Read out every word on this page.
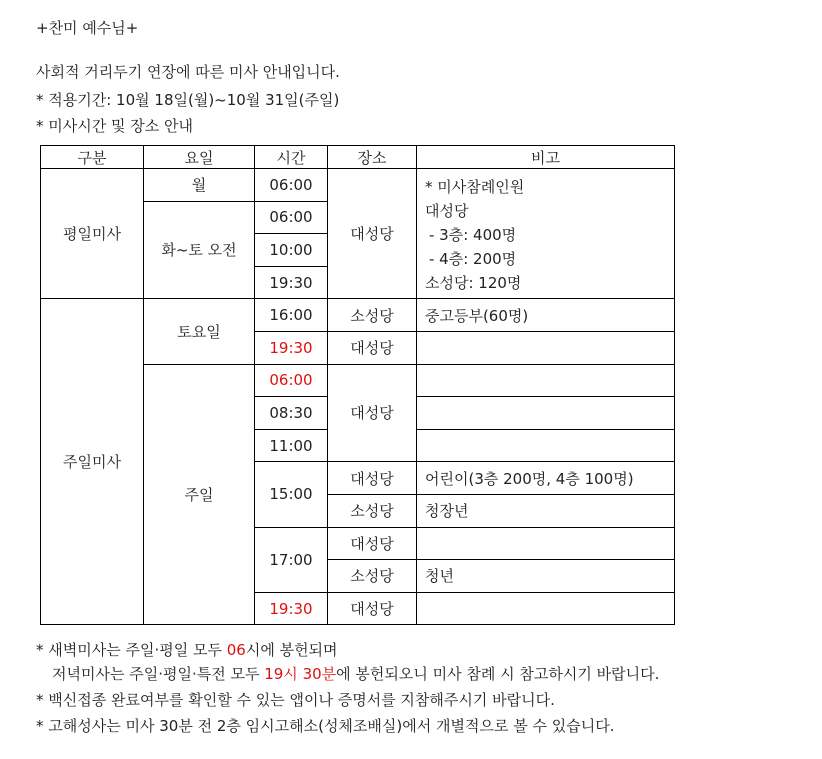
+찬미 예수님+
사회적 거리두기 연장에 따른 미사 안내입니다.
* 적용기간: 10월 18일(월)~10월 31일(주일)
* 미사시간 및 장소 안내
구분	요일	시간	장소	비고
평일미사	월	06:00	대성당	* 미사참례인원
대성당
- 3층: 400명
- 4층: 200명
소성당: 120명

	화~토 오전	06:00		
		10:00		
		19:30		
주일미사	토요일	16:00	소성당	중고등부(60명)
		19:30	대성당	
	주일	06:00	대성당	
		08:30		
		11:00		
		15:00	대성당	어린이(3층 200명, 4층 100명)
			소성당	청장년
		17:00	대성당	
			소성당	청년
		19:30	대성당	
* 새벽미사는 주일·평일 모두 06시에 봉헌되며
저녁미사는 주일·평일·특전 모두 19시 30분에 봉헌되오니 미사 참례 시 참고하시기 바랍니다.
* 백신접종 완료여부를 확인할 수 있는 앱이나 증명서를 지참해주시기 바랍니다.
* 고해성사는 미사 30분 전 2층 임시고해소(성체조배실)에서 개별적으로 볼 수 있습니다.
